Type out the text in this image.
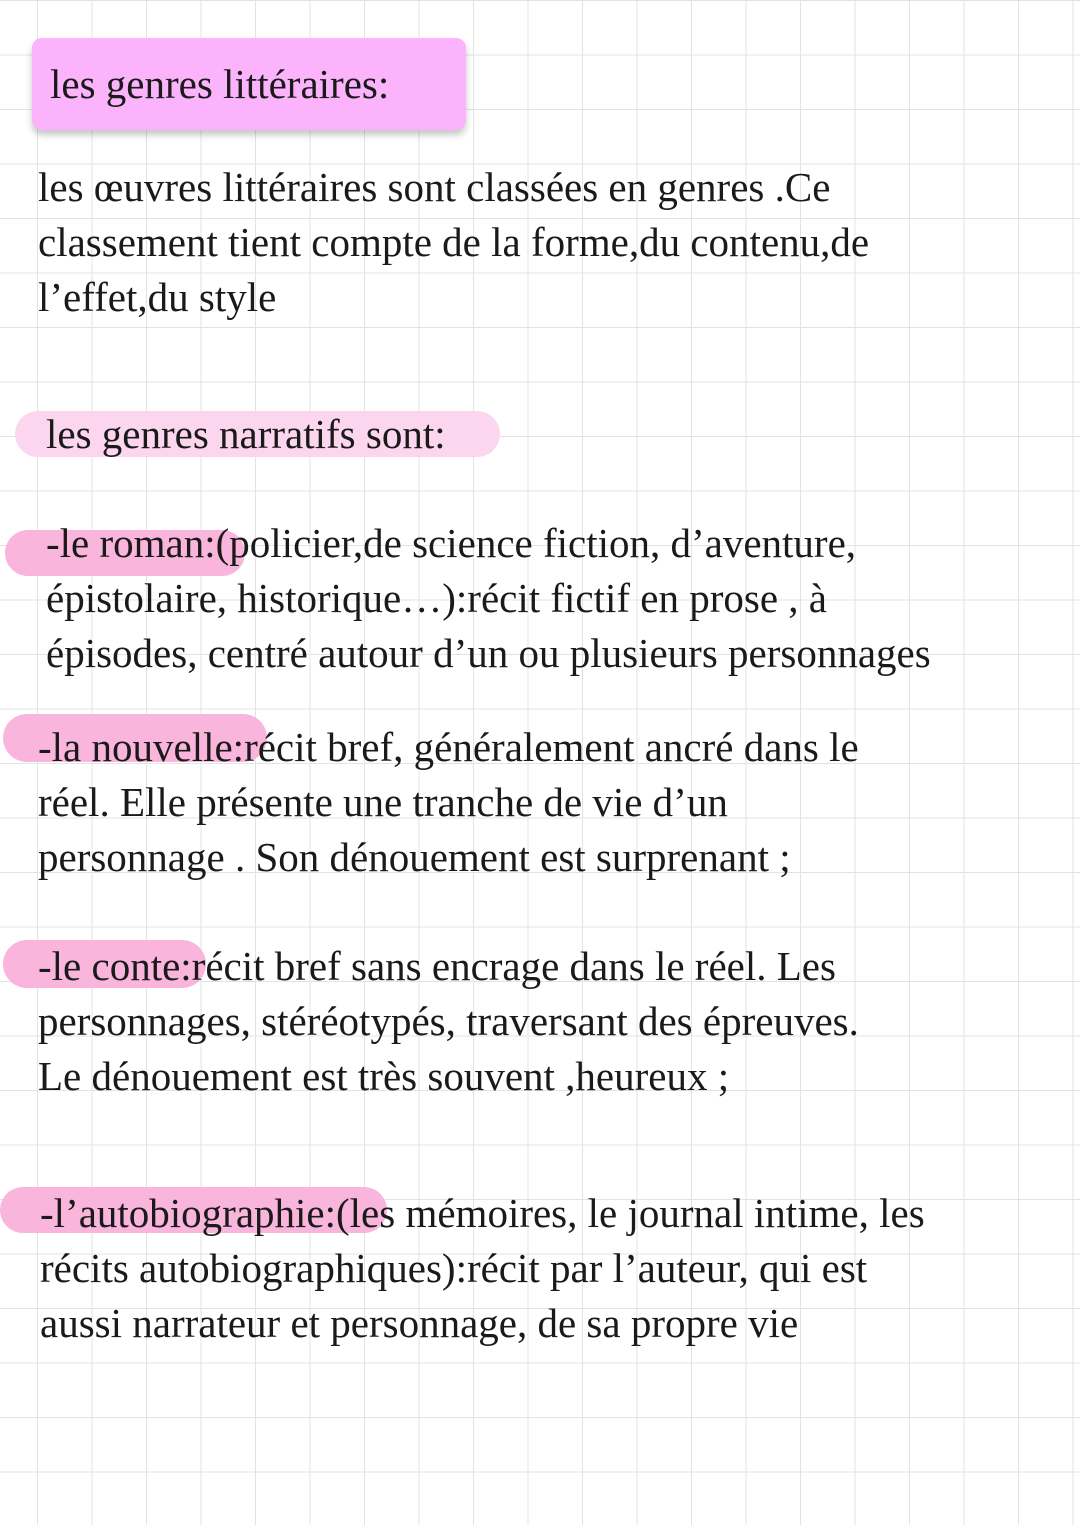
les genres littéraires:
les œuvres littéraires sont classées en genres .Ce
classement tient compte de la forme,du contenu,de
l’effet,du style
les genres narratifs sont:
-le roman:(policier,de science fiction, d’aventure,
épistolaire, historique…):récit fictif en prose , à
épisodes, centré autour d’un ou plusieurs personnages
-la nouvelle:récit bref, généralement ancré dans le
réel. Elle présente une tranche de vie d’un
personnage . Son dénouement est surprenant ;
-le conte:récit bref sans encrage dans le réel. Les
personnages, stéréotypés, traversant des épreuves.
Le dénouement est très souvent ,heureux ;
-l’autobiographie:(les mémoires, le journal intime, les
récits autobiographiques):récit par l’auteur, qui est
aussi narrateur et personnage, de sa propre vie
